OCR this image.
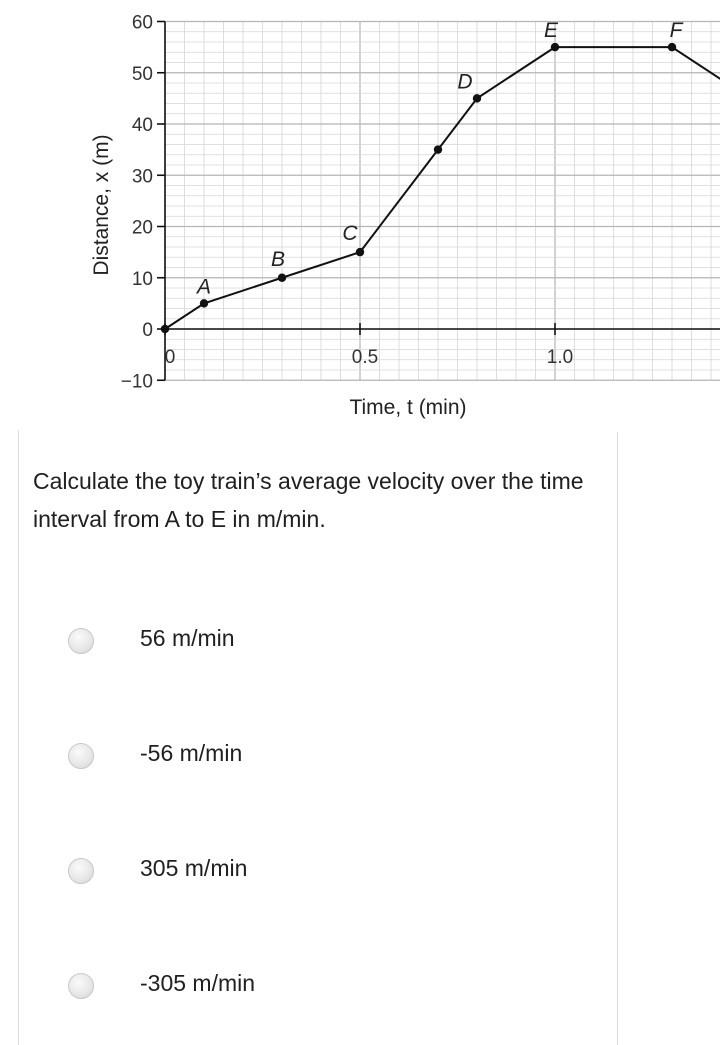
−10
0
10
20
30
40
50
60
0	0.5	1.0
Time, t (min)
Distance, x (m)
A
B
C
D
E	F
Calculate the toy train’s average velocity over the time interval from A to E in m/min.
56 m/min
-56 m/min
305 m/min
-305 m/min
